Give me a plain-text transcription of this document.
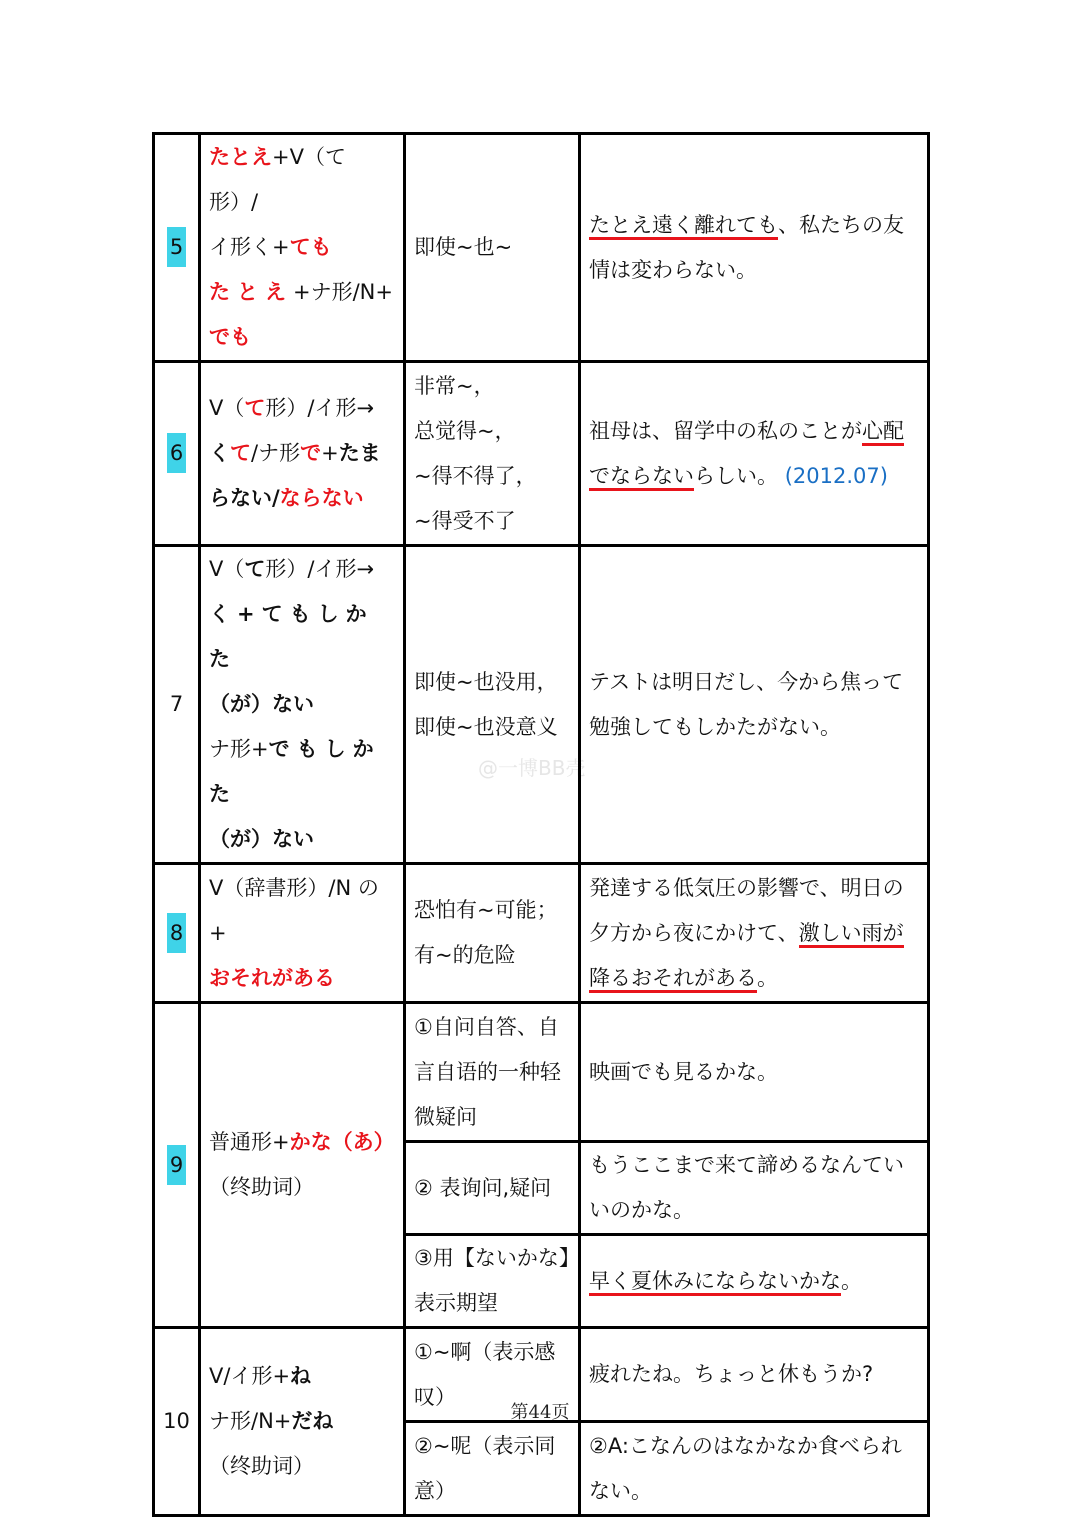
@一博BB壳
5	たとえ+V（て形）/
イ形く+ても
たとえ+ナ形/N+
でも	即使~也~	たとえ遠く離れても、私たちの友情は変わらない。
6	V（て形）/イ形→
くて/ナ形で+たまらない/ならない	非常~，
总觉得~，
~得不得了，
~得受不了	祖母は、留学中の私のことが心配でならないらしい。 (2012.07)
7	V（て形）/イ形→
く+てもしかた
（が）ない
ナ形+でもしかた
（が）ない	即使~也没用，
即使~也没意义	テストは明日だし、今から焦って勉強してもしかたがない。
8	V（辞書形）/N の+
おそれがある	恐怕有~可能；
有~的危险	発達する低気圧の影響で、明日の夕方から夜にかけて、激しい雨が降るおそれがある。
9	普通形+かな（あ）
（终助词）	①自问自答、自言自语的一种轻微疑问	映画でも見るかな。
		② 表询问,疑问	もうここまで来て諦めるなんていいのかな。
		③用【ないかな】表示期望	早く夏休みにならないかな。
10	V/イ形+ね
ナ形/N+だね
（终助词）	①~啊（表示感叹）	疲れたね。ちょっと休もうか?
		②~呢（表示同意）	②A:こなんのはなかなか食べられない。
第44页
